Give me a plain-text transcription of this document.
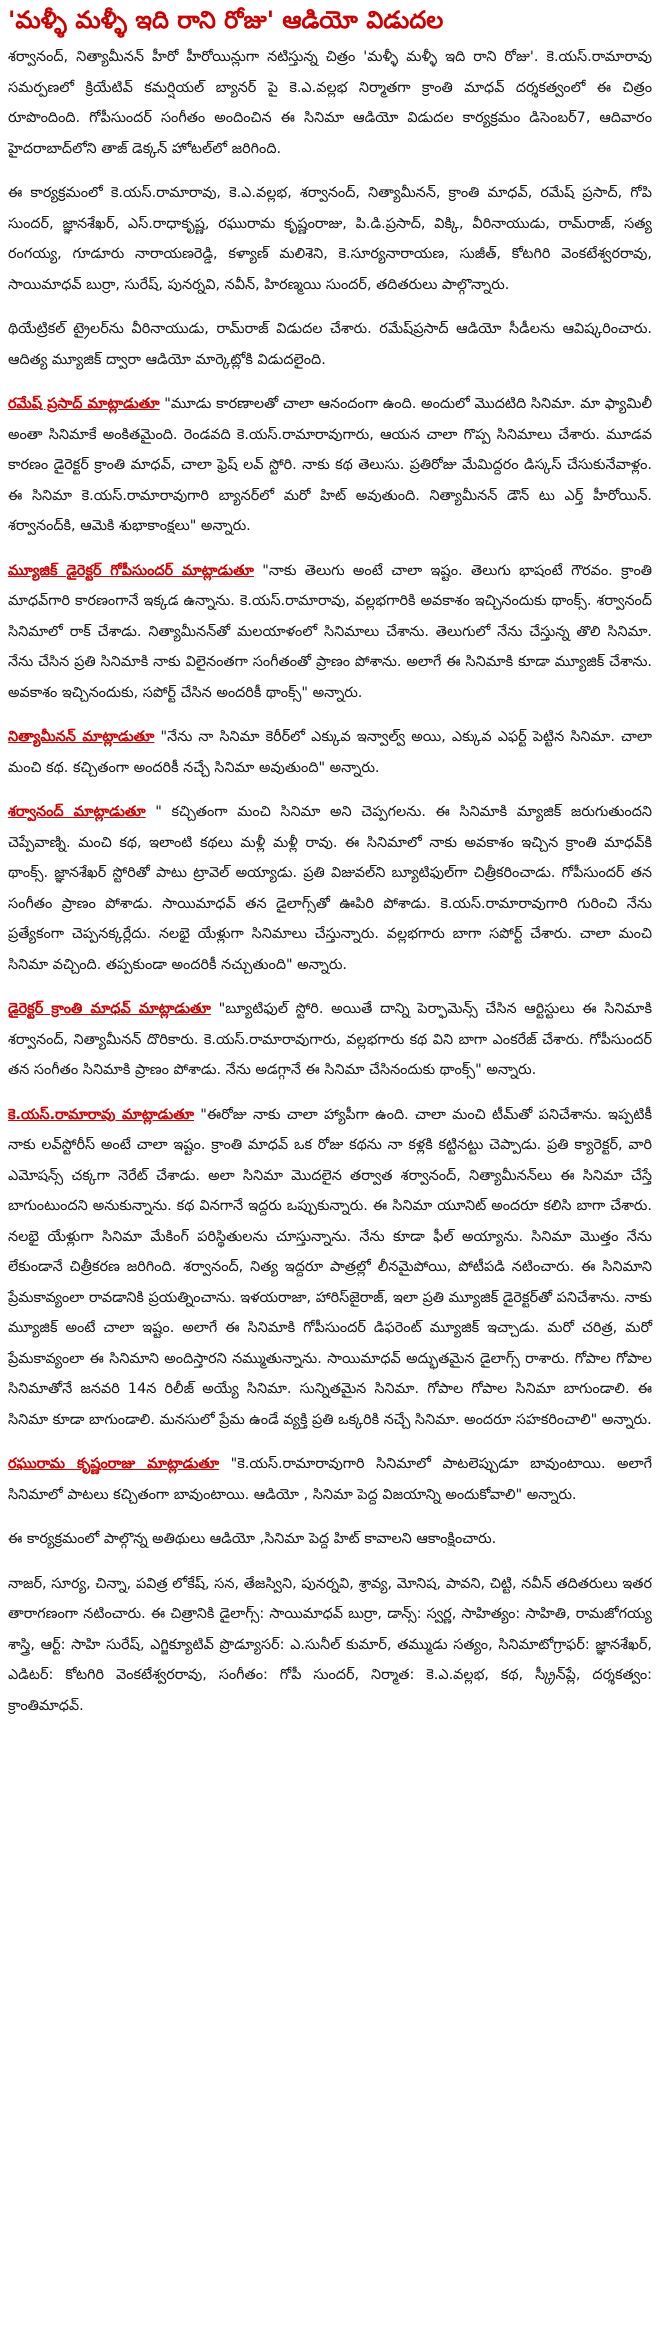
'మళ్ళీ మళ్ళీ ఇది రాని రోజు' ఆడియో విడుదల

శర్వానంద్, నిత్యామీనన్ హీరో హీరోయిన్లుగా నటిస్తున్న చిత్రం 'మళ్ళీ మళ్ళీ ఇది రాని రోజు'. కె.యస్.రామారావు సమర్పణలో క్రియేటివ్ కమర్షియల్ బ్యానర్ పై కె.ఎ.వల్లభ నిర్మాతగా క్రాంతి మాధవ్ దర్శకత్వంలో ఈ చిత్రం రూపొందింది. గోపీసుందర్ సంగీతం అందించిన ఈ సినిమా ఆడియో విడుదల కార్యక్రమం డిసెంబర్7, ఆదివారం హైదరాబాద్‌లోని తాజ్ డెక్కన్ హోటల్‌లో జరిగింది.

ఈ కార్యక్రమంలో కె.యస్.రామారావు, కె.ఎ.వల్లభ, శర్వానంద్, నిత్యామీనన్, క్రాంతి మాధవ్, రమేష్ ప్రసాద్, గోపి సుందర్, జ్ఞానశేఖర్, ఎస్.రాధాకృష్ణ, రఘురామ కృష్ణంరాజు, పి.డి.ప్రసాద్, విక్కి, వీరినాయుడు, రామ్‌రాజ్, సత్య రంగయ్య, గూడూరు నారాయణరెడ్డి, కళ్యాణ్ మలిశెని, కె.సూర్యనారాయణ, సుజీత్, కోటగిరి వెంకటేశ్వరరావు, సాయిమాధవ్ బుర్రా, సురేష్, పునర్నవి, నవీన్, హిరణ్మయి సుందర్, తదితరులు పాల్గొన్నారు.

థియేట్రికల్ ట్రైలర్‌ను వీరినాయుడు, రామ్‌రాజ్ విడుదల చేశారు. రమేష్‌ప్రసాద్ ఆడియో సీడీలను ఆవిష్కరించారు. ఆదిత్య మ్యూజిక్ ద్వారా ఆడియో మార్కెట్లోకి విడుదలైంది.

రమేష్ ప్రసాద్ మాట్లాడుతూ "మూడు కారణాలతో చాలా ఆనందంగా ఉంది. అందులో మొదటిది సినిమా. మా ఫ్యామిలీ అంతా సినిమాకే అంకితమైంది. రెండవది కె.యస్.రామారావుగారు, ఆయన చాలా గొప్ప సినిమాలు చేశారు. మూడవ కారణం డైరెక్టర్ క్రాంతి మాధవ్, చాలా ఫ్రెష్ లవ్ స్టోరి. నాకు కథ తెలుసు. ప్రతిరోజు మేమిద్దరం డిస్కస్ చేసుకునేవాళ్లం. ఈ సినిమా కె.యస్.రామారావుగారి బ్యానర్‌లో మరో హిట్ అవుతుంది. నిత్యామీనన్ డౌన్ టు ఎర్త్ హీరోయిన్. శర్వానంద్‌కి, ఆమెకి శుభాకాంక్షలు" అన్నారు.

మ్యూజిక్ డైరెక్టర్ గోపీసుందర్ మాట్లాడుతూ "నాకు తెలుగు అంటే చాలా ఇష్టం. తెలుగు భాషంటే గౌరవం. క్రాంతి మాధవ్‌గారి కారణంగానే ఇక్కడ ఉన్నాను. కె.యస్.రామారావు, వల్లభగారికి అవకాశం ఇచ్చినందుకు థాంక్స్. శర్వానంద్ సినిమాలో రాక్ చేశాడు. నిత్యామీనన్‌తో మలయాళంలో సినిమాలు చేశాను. తెలుగులో నేను చేస్తున్న తొలి సినిమా. నేను చేసిన ప్రతి సినిమాకి నాకు విలైనంతగా సంగీతంతో ప్రాణం పోశాను. అలాగే ఈ సినిమాకి కూడా మ్యూజిక్ చేశాను. అవకాశం ఇచ్చినందుకు, సపోర్ట్ చేసిన అందరికీ థాంక్స్" అన్నారు.

నిత్యామీనన్ మాట్లాడుతూ "నేను నా సినిమా కెరీర్‌లో ఎక్కువ ఇన్వాల్వ్ అయి, ఎక్కువ ఎఫర్ట్ పెట్టిన సినిమా. చాలా మంచి కథ. కచ్చితంగా అందరికీ నచ్చే సినిమా అవుతుంది" అన్నారు.

శర్వానంద్ మాట్లాడుతూ " కచ్చితంగా మంచి సినిమా అని చెప్పగలను. ఈ సినిమాకి మ్యాజిక్ జరుగుతుందని చెప్పేవాణ్ని. మంచి కథ, ఇలాంటి కథలు మళ్లీ మళ్లీ రావు. ఈ సినిమాలో నాకు అవకాశం ఇచ్చిన క్రాంతి మాధవ్‌కి థాంక్స్. జ్ఞానశేఖర్ స్టోరితో పాటు ట్రావెల్ అయ్యాడు. ప్రతి విజువల్‌ని బ్యూటిఫుల్‌గా చిత్రీకరించాడు. గోపీసుందర్ తన సంగీతం ప్రాణం పోశాడు. సాయిమాధవ్ తన డైలాగ్స్‌తో ఊపిరి పోశాడు. కె.యస్.రామారావుగారి గురించి నేను ప్రత్యేకంగా చెప్పనక్కర్లేదు. నలభై యేళ్లుగా సినిమాలు చేస్తున్నారు. వల్లభగారు బాగా సపోర్ట్ చేశారు. చాలా మంచి సినిమా వచ్చింది. తప్పకుండా అందరికీ నచ్చుతుంది" అన్నారు.

డైరెక్టర్ క్రాంతి మాధవ్ మాట్లాడుతూ "బ్యూటిఫుల్ స్టోరి. అయితే దాన్ని పెర్ఫామెన్స్ చేసిన ఆర్టిస్టులు ఈ సినిమాకి శర్వానంద్, నిత్యామీనన్ దొరికారు. కె.యస్.రామారావుగారు, వల్లభగారు కథ విని బాగా ఎంకరేజ్ చేశారు. గోపీసుందర్ తన సంగీతం సినిమాకి ప్రాణం పోశాడు. నేను అడగ్గానే ఈ సినిమా చేసినందుకు థాంక్స్" అన్నారు.

కె.యస్.రామారావు మాట్లాడుతూ "ఈరోజు నాకు చాలా హ్యాపీగా ఉంది. చాలా మంచి టీమ్‌తో పనిచేశాను. ఇప్పటికీ నాకు లవ్‌స్టోరీస్ అంటే చాలా ఇష్టం. క్రాంతి మాధవ్ ఒక రోజు కథను నా కళ్లకి కట్టినట్టు చెప్పాడు. ప్రతి క్యారెక్టర్, వారి ఎమోషన్స్ చక్కగా నెరేట్ చేశాడు. అలా సినిమా మొదలైన తర్వాత శర్వానంద్, నిత్యామీనన్‌లు ఈ సినిమా చేస్తే బాగుంటుందని అనుకున్నాను. కథ వినగానే ఇద్దరు ఒప్పుకున్నారు. ఈ సినిమా యూనిట్ అందరూ కలిసి బాగా చేశారు. నలభై యేళ్లుగా సినిమా మేకింగ్ పరిస్థితులను చూస్తున్నాను. నేను కూడా ఫీల్ అయ్యాను. సినిమా మొత్తం నేను లేకుండానే చిత్రీకరణ జరిగింది. శర్వానంద్, నిత్య ఇద్దరూ పాత్రల్లో లీనమైపోయి, పోటీపడి నటించారు. ఈ సినిమాని ప్రేమకావ్యంలా రావడానికి ప్రయత్నించాను. ఇళయరాజా, హారిస్‌జైరాజ్, ఇలా ప్రతి మ్యూజిక్ డైరెక్టర్‌తో పనిచేశాను. నాకు మ్యూజిక్ అంటే చాలా ఇష్టం. అలాగే ఈ సినిమాకి గోపీసుందర్ డిఫరెంట్ మ్యూజిక్ ఇచ్చాడు. మరో చరిత్ర, మరో ప్రేమకావ్యంలా ఈ సినిమాని అందిస్తారని నమ్ముతున్నాను. సాయిమాధవ్ అద్భుతమైన డైలాగ్స్ రాశారు. గోపాల గోపాల సినిమాతోనే జనవరి 14న రిలీజ్ అయ్యే సినిమా. సున్నితమైన సినిమా. గోపాల గోపాల సినిమా బాగుండాలి. ఈ సినిమా కూడా బాగుండాలి. మనసులో ప్రేమ ఉండే వ్యక్తి ప్రతి ఒక్కరికి నచ్చే సినిమా. అందరూ సహకరించాలి" అన్నారు.

రఘురామ కృష్ణంరాజు మాట్లాడుతూ "కె.యస్.రామారావుగారి సినిమాలో పాటలెప్పుడూ బావుంటాయి. అలాగే సినిమాలో పాటలు కచ్చితంగా బావుంటాయి. ఆడియో , సినిమా పెద్ద విజయాన్ని అందుకోవాలి" అన్నారు.

ఈ కార్యక్రమంలో పాల్గొన్న అతిథులు ఆడియో ,సినిమా పెద్ద హిట్ కావాలని ఆకాంక్షించారు.

నాజర్, సూర్య, చిన్నా, పవిత్ర లోకేష్, సన, తేజస్విని, పునర్నవి, శ్రావ్య, మోనిష, పావని, చిట్టి, నవీన్ తదితరులు ఇతర తారాగణంగా నటించారు. ఈ చిత్రానికి డైలాగ్స్: సాయిమాధవ్ బుర్రా, డాన్స్: స్వర్ణ, సాహిత్యం: సాహితి, రామజోగయ్య శాస్త్రి, ఆర్ట్: సాహి సురేష్, ఎగ్జిక్యూటివ్ ప్రొడ్యూసర్: ఎ.సునీల్ కుమార్, తమ్ముడు సత్యం, సినిమాటోగ్రాఫర్: జ్ఞానశేఖర్, ఎడిటర్: కోటగిరి వెంకటేశ్వరరావు, సంగీతం: గోపీ సుందర్, నిర్మాత: కె.ఎ.వల్లభ, కథ, స్క్రీన్‌ప్లే, దర్శకత్వం: క్రాంతిమాధవ్.
